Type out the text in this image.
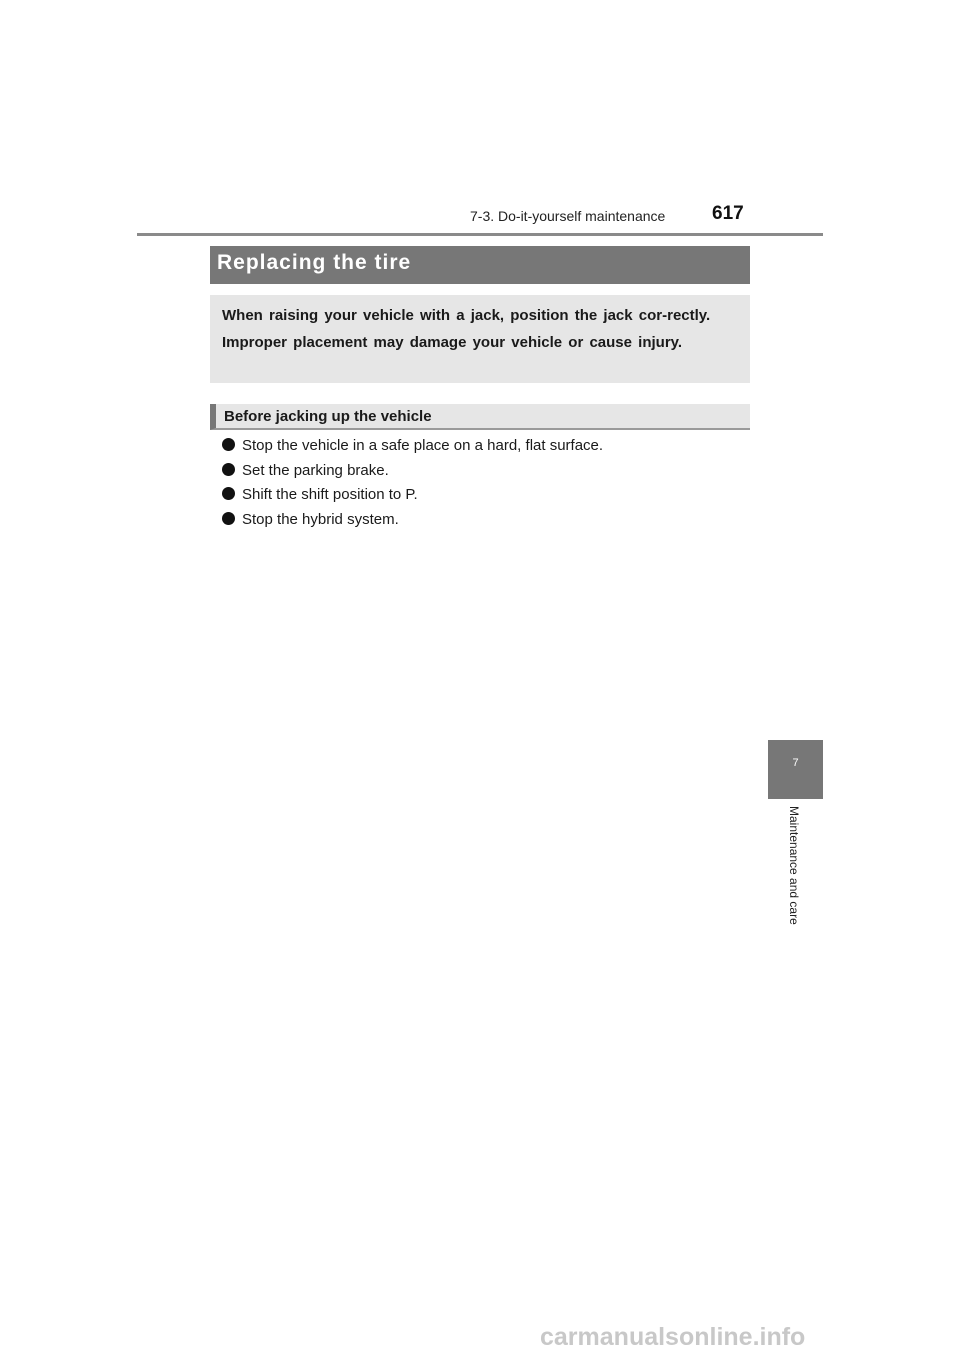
7-3. Do-it-yourself maintenance 617
Replacing the tire

When raising your vehicle with a jack, position the jack cor-rectly.

Improper placement may damage your vehicle or cause injury.

Before jacking up the vehicle
Stop the vehicle in a safe place on a hard, flat surface.
Set the parking brake.
Shift the shift position to P.
Stop the hybrid system.
7
Maintenance and care
carmanualsonline.info
